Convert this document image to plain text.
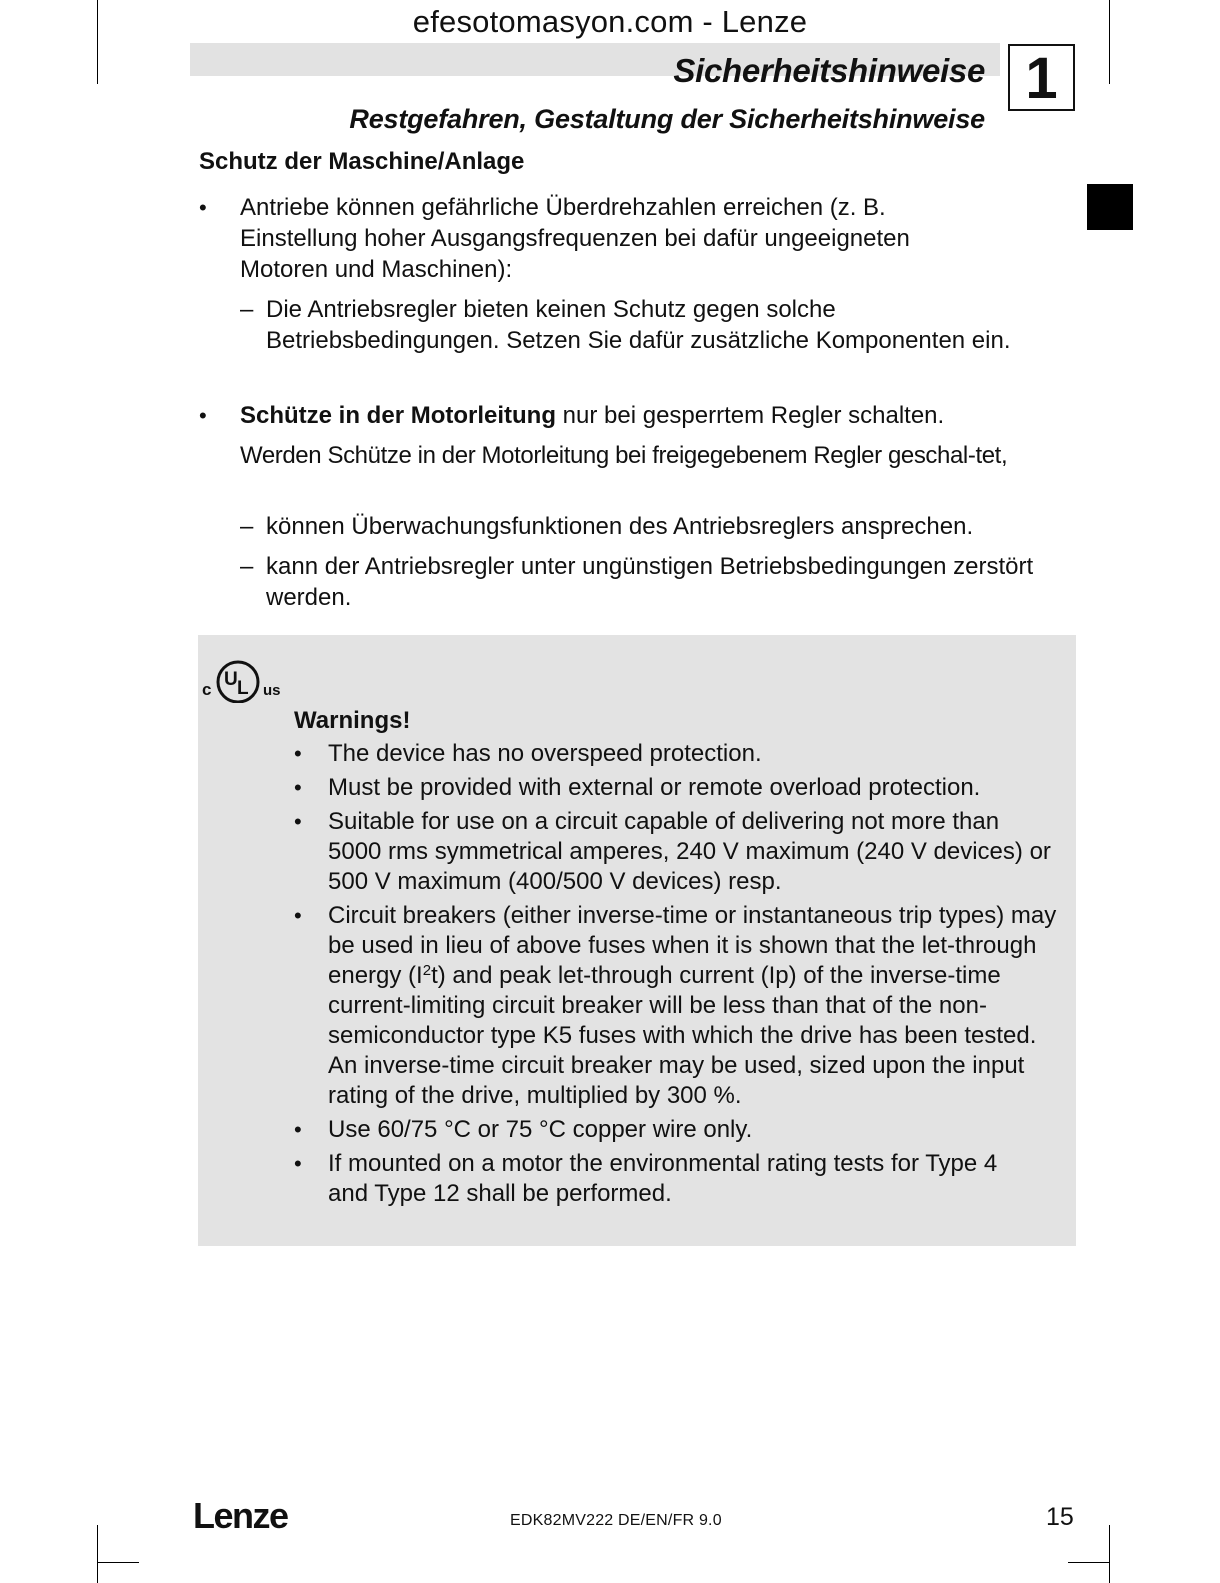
efesotomasyon.com - Lenze
Sicherheitshinweise 1
Restgefahren, Gestaltung der Sicherheitshinweise
Schutz der Maschine/Anlage
• Antriebe können gefährliche Überdrehzahlen erreichen (z. B. Einstellung hoher Ausgangsfrequenzen bei dafür ungeeigneten Motoren und Maschinen):
– Die Antriebsregler bieten keinen Schutz gegen solche Betriebsbedingungen. Setzen Sie dafür zusätzliche Komponenten ein.
• Schütze in der Motorleitung nur bei gesperrtem Regler schalten.
Werden Schütze in der Motorleitung bei freigegebenem Regler geschal-tet,
– können Überwachungsfunktionen des Antriebsreglers ansprechen.
– kann der Antriebsregler unter ungünstigen Betriebsbedingungen zerstört werden.
c U L us
Warnings!
• The device has no overspeed protection.
• Must be provided with external or remote overload protection.
• Suitable for use on a circuit capable of delivering not more than 5000 rms symmetrical amperes, 240 V maximum (240 V devices) or 500 V maximum (400/500 V devices) resp.
• Circuit breakers (either inverse-time or instantaneous trip types) may be used in lieu of above fuses when it is shown that the let-through energy $(I^2t)$ and peak let-through current (Ip) of the inverse-time current-limiting circuit breaker will be less than that of the non-semiconductor type K5 fuses with which the drive has been tested. An inverse-time circuit breaker may be used, sized upon the input rating of the drive, multiplied by 300 %.
• Use 60/75 °C or 75 °C copper wire only.
• If mounted on a motor the environmental rating tests for Type 4 and Type 12 shall be performed.
Lenze	EDK82MV222 DE/EN/FR 9.0	15
